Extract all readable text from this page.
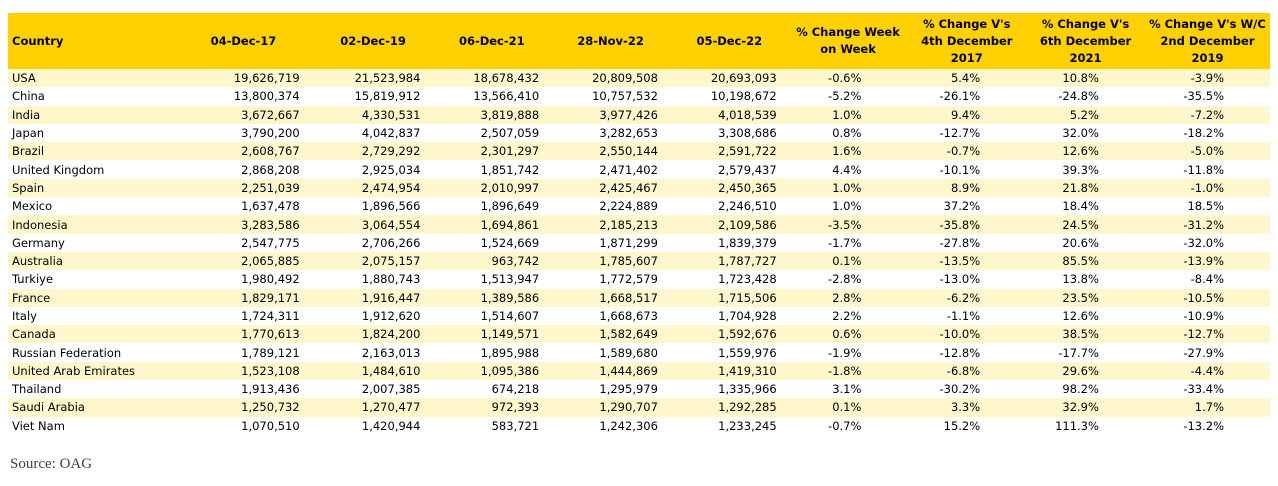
Country	04-Dec-17	02-Dec-19	06-Dec-21	28-Nov-22	05-Dec-22	% Change Week on Week	% Change V's 4th December 2017	% Change V's 6th December 2021	% Change V's W/C 2nd December 2019
USA	19,626,719	21,523,984	18,678,432	20,809,508	20,693,093	-0.6%	5.4%	10.8%	-3.9%
China	13,800,374	15,819,912	13,566,410	10,757,532	10,198,672	-5.2%	-26.1%	-24.8%	-35.5%
India	3,672,667	4,330,531	3,819,888	3,977,426	4,018,539	1.0%	9.4%	5.2%	-7.2%
Japan	3,790,200	4,042,837	2,507,059	3,282,653	3,308,686	0.8%	-12.7%	32.0%	-18.2%
Brazil	2,608,767	2,729,292	2,301,297	2,550,144	2,591,722	1.6%	-0.7%	12.6%	-5.0%
United Kingdom	2,868,208	2,925,034	1,851,742	2,471,402	2,579,437	4.4%	-10.1%	39.3%	-11.8%
Spain	2,251,039	2,474,954	2,010,997	2,425,467	2,450,365	1.0%	8.9%	21.8%	-1.0%
Mexico	1,637,478	1,896,566	1,896,649	2,224,889	2,246,510	1.0%	37.2%	18.4%	18.5%
Indonesia	3,283,586	3,064,554	1,694,861	2,185,213	2,109,586	-3.5%	-35.8%	24.5%	-31.2%
Germany	2,547,775	2,706,266	1,524,669	1,871,299	1,839,379	-1.7%	-27.8%	20.6%	-32.0%
Australia	2,065,885	2,075,157	963,742	1,785,607	1,787,727	0.1%	-13.5%	85.5%	-13.9%
Turkiye	1,980,492	1,880,743	1,513,947	1,772,579	1,723,428	-2.8%	-13.0%	13.8%	-8.4%
France	1,829,171	1,916,447	1,389,586	1,668,517	1,715,506	2.8%	-6.2%	23.5%	-10.5%
Italy	1,724,311	1,912,620	1,514,607	1,668,673	1,704,928	2.2%	-1.1%	12.6%	-10.9%
Canada	1,770,613	1,824,200	1,149,571	1,582,649	1,592,676	0.6%	-10.0%	38.5%	-12.7%
Russian Federation	1,789,121	2,163,013	1,895,988	1,589,680	1,559,976	-1.9%	-12.8%	-17.7%	-27.9%
United Arab Emirates	1,523,108	1,484,610	1,095,386	1,444,869	1,419,310	-1.8%	-6.8%	29.6%	-4.4%
Thailand	1,913,436	2,007,385	674,218	1,295,979	1,335,966	3.1%	-30.2%	98.2%	-33.4%
Saudi Arabia	1,250,732	1,270,477	972,393	1,290,707	1,292,285	0.1%	3.3%	32.9%	1.7%
Viet Nam	1,070,510	1,420,944	583,721	1,242,306	1,233,245	-0.7%	15.2%	111.3%	-13.2%
Source: OAG
